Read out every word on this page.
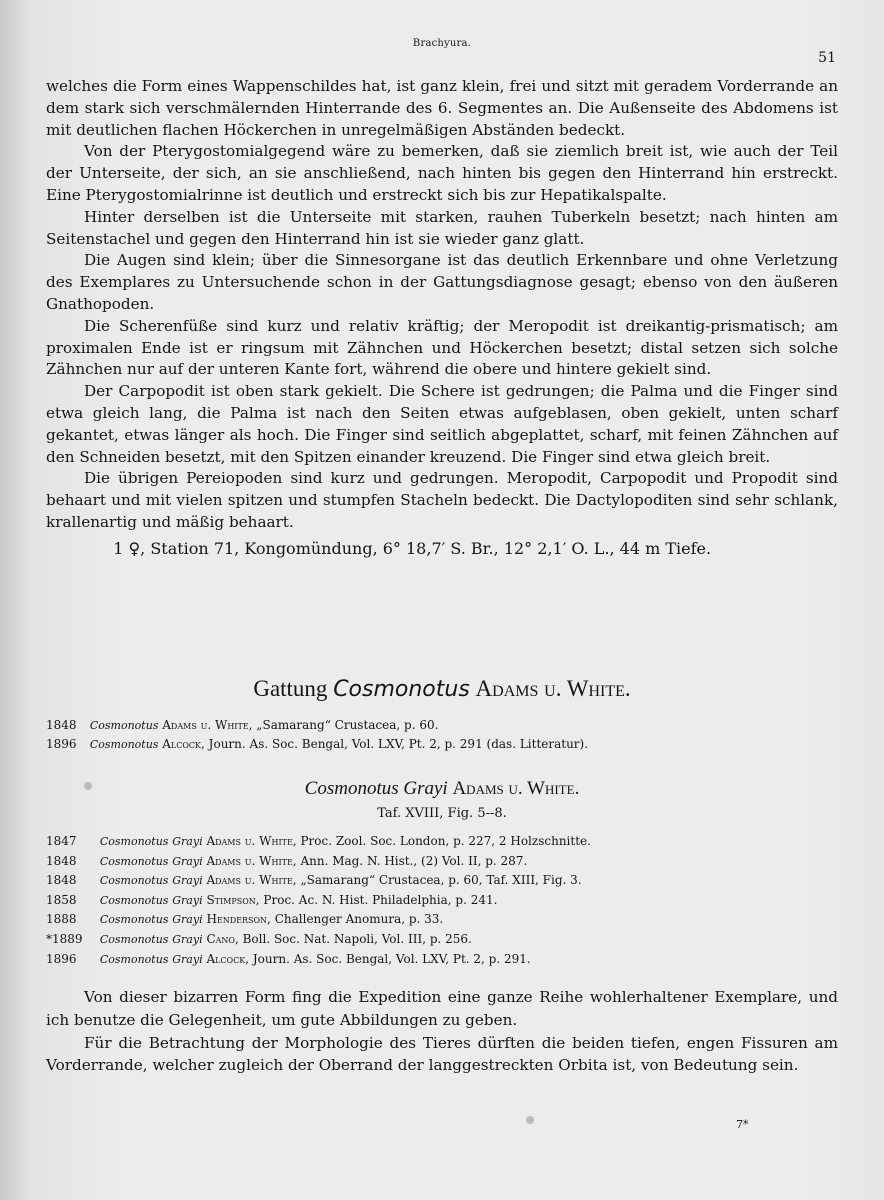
Brachyura.
51

welches die Form eines Wappenschildes hat, ist ganz klein, frei und sitzt mit geradem Vorderrande an dem stark sich verschmälernden Hinterrande des 6. Segmentes an. Die Außenseite des Abdomens ist mit deutlichen flachen Höckerchen in unregelmäßigen Abständen bedeckt.

Von der Pterygostomialgegend wäre zu bemerken, daß sie ziemlich breit ist, wie auch der Teil der Unterseite, der sich, an sie anschließend, nach hinten bis gegen den Hinterrand hin erstreckt. Eine Pterygostomialrinne ist deutlich und erstreckt sich bis zur Hepatikalspalte.

Hinter derselben ist die Unterseite mit starken, rauhen Tuberkeln besetzt; nach hinten am Seitenstachel und gegen den Hinterrand hin ist sie wieder ganz glatt.

Die Augen sind klein; über die Sinnesorgane ist das deutlich Erkennbare und ohne Verletzung des Exemplares zu Untersuchende schon in der Gattungsdiagnose gesagt; ebenso von den äußeren Gnathopoden.

Die Scherenfüße sind kurz und relativ kräftig; der Meropodit ist dreikantig-prismatisch; am proximalen Ende ist er ringsum mit Zähnchen und Höckerchen besetzt; distal setzen sich solche Zähnchen nur auf der unteren Kante fort, während die obere und hintere gekielt sind.

Der Carpopodit ist oben stark gekielt. Die Schere ist gedrungen; die Palma und die Finger sind etwa gleich lang, die Palma ist nach den Seiten etwas aufgeblasen, oben gekielt, unten scharf gekantet, etwas länger als hoch. Die Finger sind seitlich abgeplattet, scharf, mit feinen Zähnchen auf den Schneiden besetzt, mit den Spitzen einander kreuzend. Die Finger sind etwa gleich breit.

Die übrigen Pereiopoden sind kurz und gedrungen. Meropodit, Carpopodit und Propodit sind behaart und mit vielen spitzen und stumpfen Stacheln bedeckt. Die Dactylopoditen sind sehr schlank, krallenartig und mäßig behaart.

1 ♀, Station 71, Kongomündung, 6° 18,7′ S. Br., 12° 2,1′ O. L., 44 m Tiefe.

Gattung Cosmonotus Adams u. White.
1848 Cosmonotus Adams u. White, „Samarang“ Crustacea, p. 60.
1896 Cosmonotus Alcock, Journ. As. Soc. Bengal, Vol. LXV, Pt. 2, p. 291 (das. Litteratur).
Cosmonotus Grayi Adams u. White.
Taf. XVIII, Fig. 5--8.
1847 Cosmonotus Grayi Adams u. White, Proc. Zool. Soc. London, p. 227, 2 Holzschnitte.
1848 Cosmonotus Grayi Adams u. White, Ann. Mag. N. Hist., (2) Vol. II, p. 287.
1848 Cosmonotus Grayi Adams u. White, „Samarang“ Crustacea, p. 60, Taf. XIII, Fig. 3.
1858 Cosmonotus Grayi Stimpson, Proc. Ac. N. Hist. Philadelphia, p. 241.
1888 Cosmonotus Grayi Henderson, Challenger Anomura, p. 33.
*1889 Cosmonotus Grayi Cano, Boll. Soc. Nat. Napoli, Vol. III, p. 256.
1896 Cosmonotus Grayi Alcock, Journ. As. Soc. Bengal, Vol. LXV, Pt. 2, p. 291.

Von dieser bizarren Form fing die Expedition eine ganze Reihe wohlerhaltener Exemplare, und ich benutze die Gelegenheit, um gute Abbildungen zu geben.

Für die Betrachtung der Morphologie des Tieres dürften die beiden tiefen, engen Fissuren am Vorderrande, welcher zugleich der Oberrand der langgestreckten Orbita ist, von Bedeutung sein.

7*
